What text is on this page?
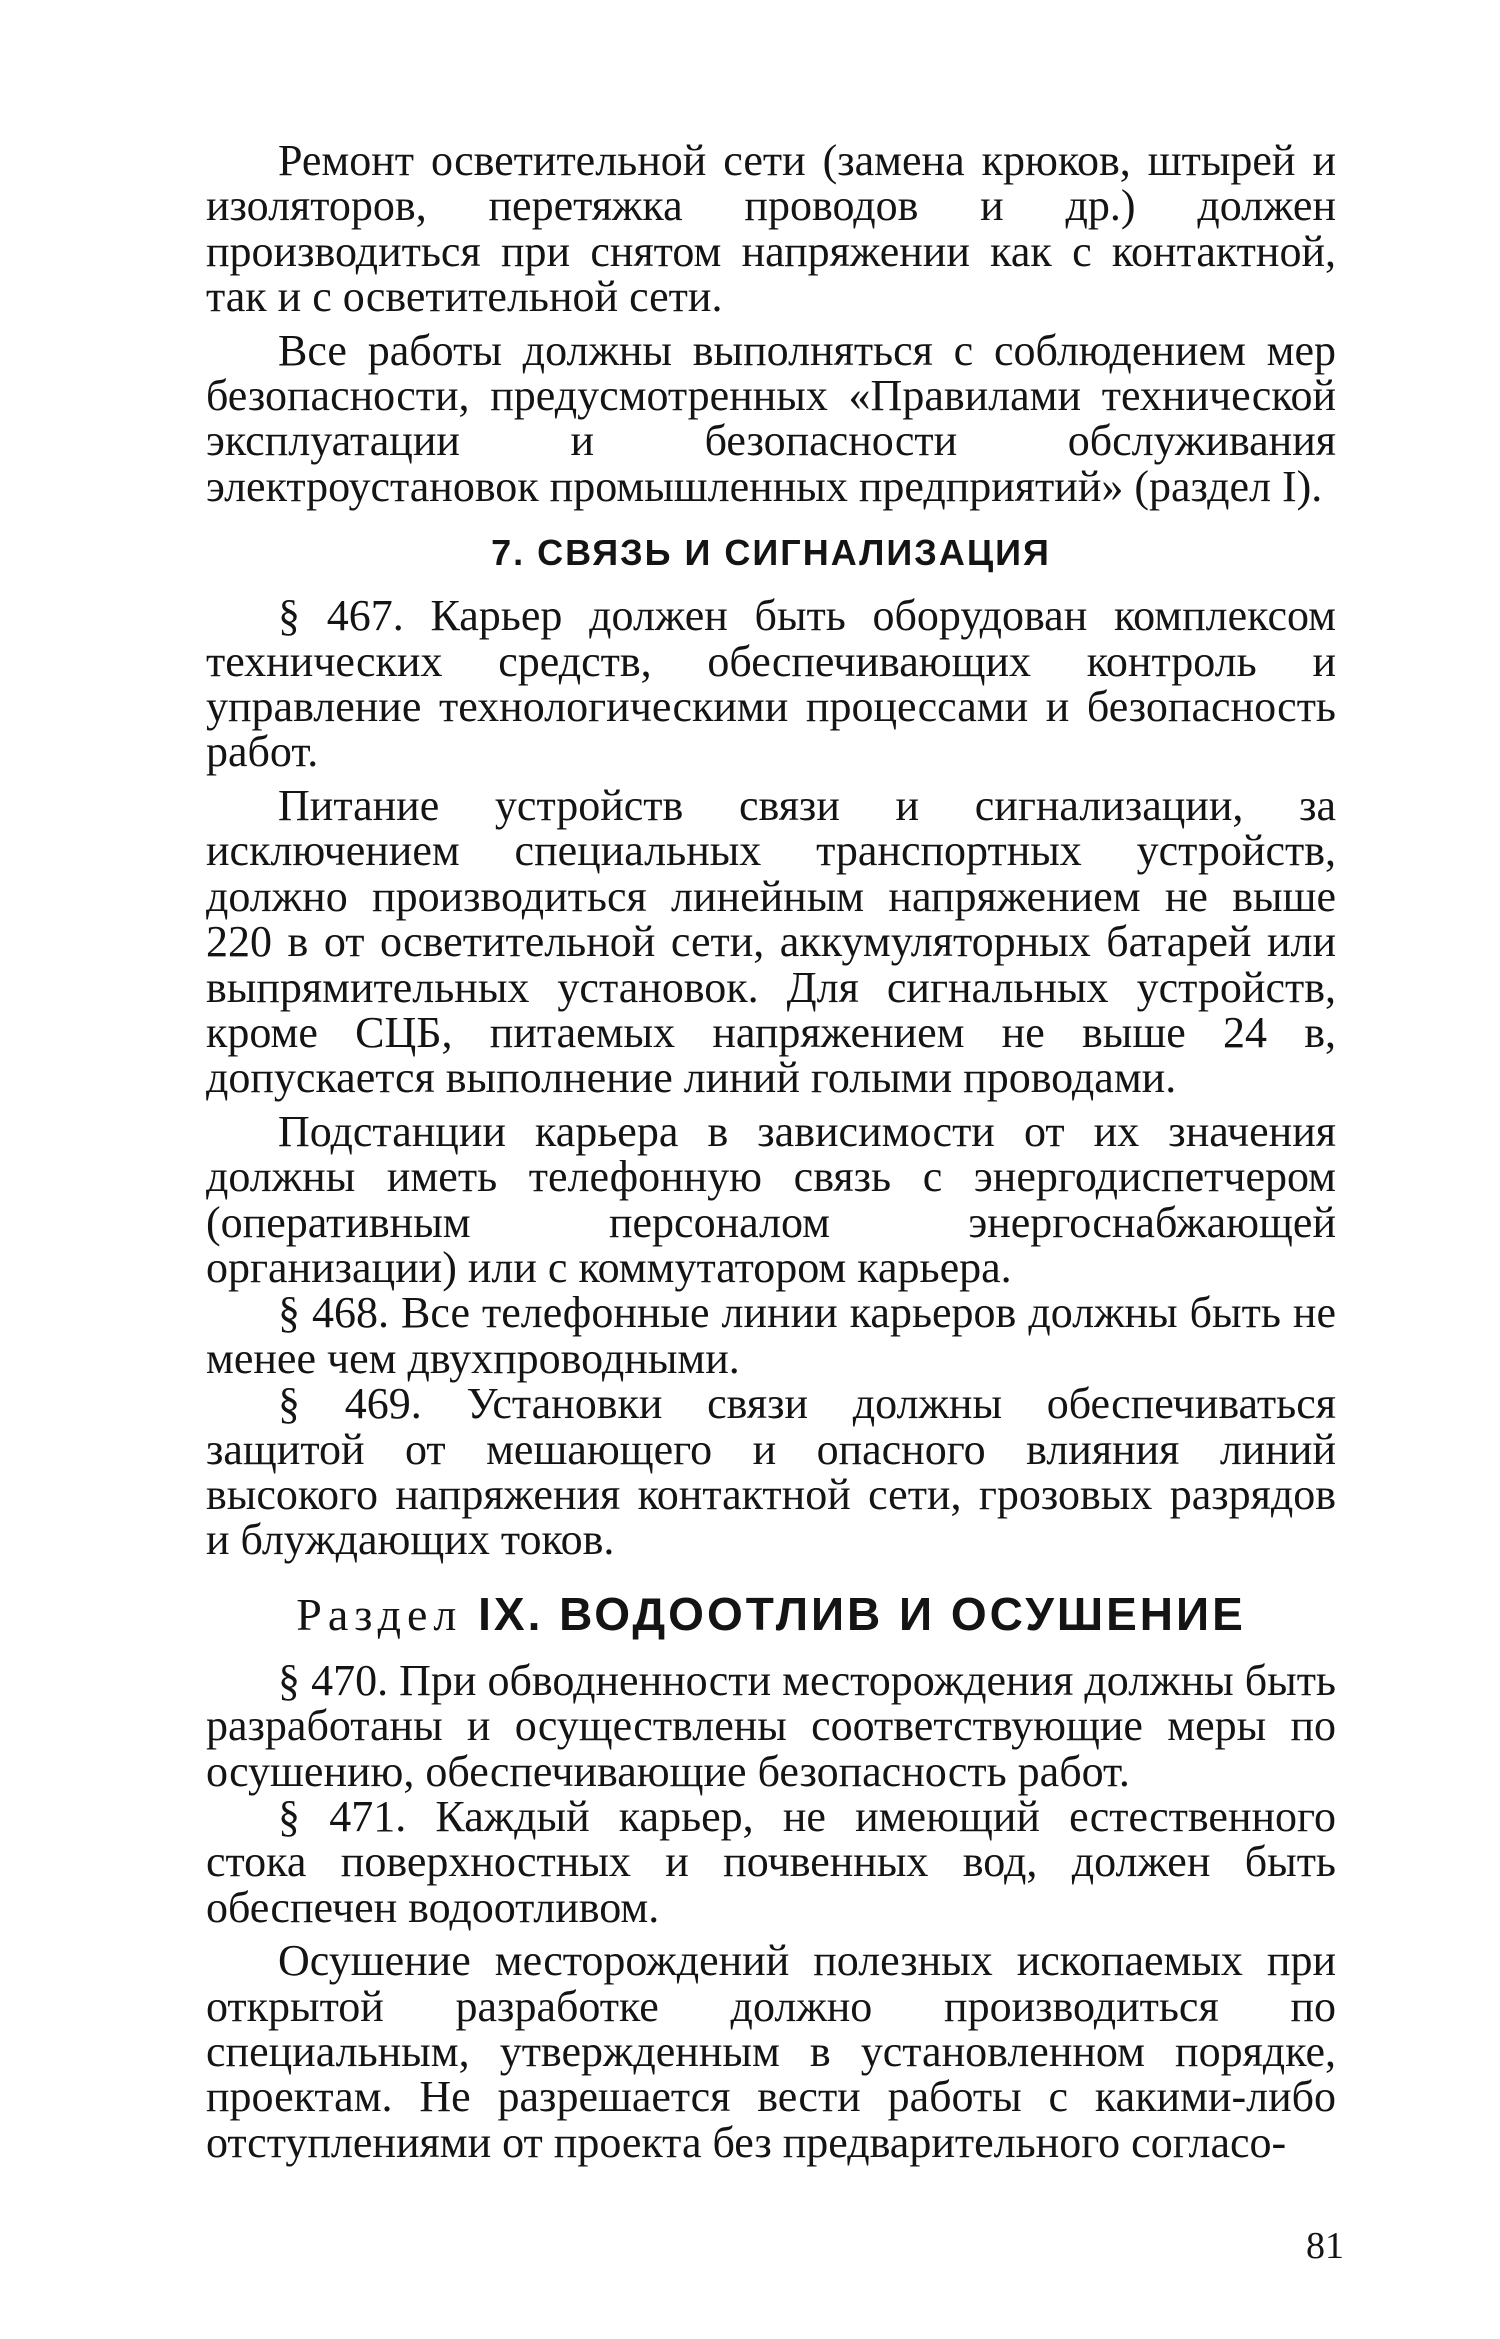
Ремонт осветительной сети (замена крюков, штырей и изоляторов, перетяжка проводов и др.) должен производиться при снятом напряжении как с контактной, так и с осветительной сети.

Все работы должны выполняться с соблюдением мер безопасности, предусмотренных «Правилами технической эксплуатации и безопасности обслуживания электроустановок промышленных предприятий» (раздел I).

7. СВЯЗЬ И СИГНАЛИЗАЦИЯ

§ 467. Карьер должен быть оборудован комплексом технических средств, обеспечивающих контроль и управление технологическими процессами и безопасность работ.

Питание устройств связи и сигнализации, за исключением специальных транспортных устройств, должно производиться линейным напряжением не выше 220 в от осветительной сети, аккумуляторных батарей или выпрямительных установок. Для сигнальных устройств, кроме СЦБ, питаемых напряжением не выше 24 в, допускается выполнение линий голыми проводами.

Подстанции карьера в зависимости от их значения должны иметь телефонную связь с энергодиспетчером (оперативным персоналом энергоснабжающей организации) или с коммутатором карьера.

§ 468. Все телефонные линии карьеров должны быть не менее чем двухпроводными.

§ 469. Установки связи должны обеспечиваться защитой от мешающего и опасного влияния линий высокого напряжения контактной сети, грозовых разрядов и блуждающих токов.

Раздел IX. ВОДООТЛИВ И ОСУШЕНИЕ

§ 470. При обводненности месторождения должны быть разработаны и осуществлены соответствующие меры по осушению, обеспечивающие безопасность работ.

§ 471. Каждый карьер, не имеющий естественного стока поверхностных и почвенных вод, должен быть обеспечен водоотливом.

Осушение месторождений полезных ископаемых при открытой разработке должно производиться по специальным, утвержденным в установленном порядке, проектам. Не разрешается вести работы с какими-либо отступлениями от проекта без предварительного согласо-

81
